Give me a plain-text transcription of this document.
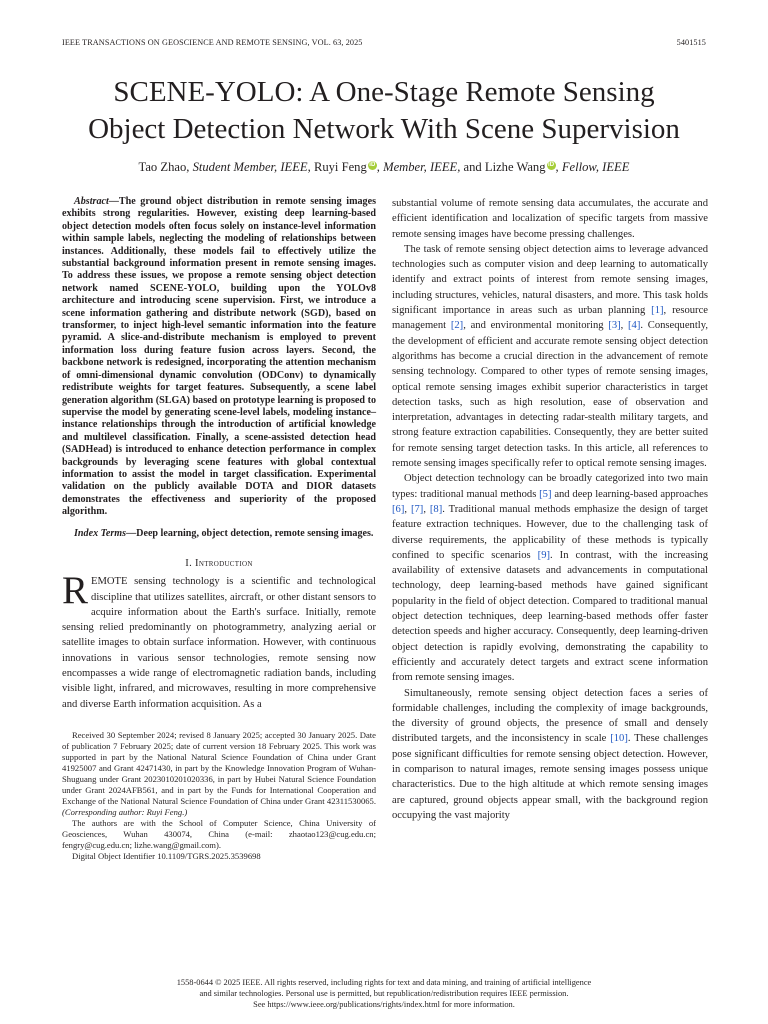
IEEE TRANSACTIONS ON GEOSCIENCE AND REMOTE SENSING, VOL. 63, 2025	5401515
SCENE-YOLO: A One-Stage Remote Sensing
Object Detection Network With Scene Supervision
Tao Zhao, Student Member, IEEE, Ruyi Feng iD , Member, IEEE, and Lizhe Wang iD , Fellow, IEEE

Abstract—The ground object distribution in remote sensing images exhibits strong regularities. However, existing deep learning-based object detection models often focus solely on instance-level information within sample labels, neglecting the modeling of relationships between instances. Additionally, these models fail to effectively utilize the substantial background information present in remote sensing images. To address these issues, we propose a remote sensing object detection network named SCENE-YOLO, building upon the YOLOv8 architecture and introducing scene supervision. First, we introduce a scene information gathering and distribute network (SGD), based on transformer, to inject high-level semantic information into the feature pyramid. A slice-and-distribute mechanism is employed to prevent information loss during feature fusion across layers. Second, the backbone network is redesigned, incorporating the attention mechanism of omni-dimensional dynamic convolution (ODConv) to dynamically redistribute weights for target features. Subsequently, a scene label generation algorithm (SLGA) based on prototype learning is proposed to supervise the model by generating scene-level labels, modeling instance–instance relationships through the introduction of artificial knowledge and multilevel classification. Finally, a scene-assisted detection head (SADHead) is introduced to enhance detection performance in complex backgrounds by leveraging scene features with global contextual information to assist the model in target classification. Experimental validation on the publicly available DOTA and DIOR datasets demonstrates the effectiveness and superiority of the proposed algorithm.

Index Terms—Deep learning, object detection, remote sensing images.

I. Introduction

REMOTE sensing technology is a scientific and technological discipline that utilizes satellites, aircraft, or other distant sensors to acquire information about the Earth's surface. Initially, remote sensing relied predominantly on photogrammetry, analyzing aerial or satellite images to obtain surface information. However, with continuous innovations in various sensor technologies, remote sensing now encompasses a wide range of electromagnetic radiation bands, including visible light, infrared, and microwaves, resulting in more comprehensive and diverse Earth information acquisition. As a

Received 30 September 2024; revised 8 January 2025; accepted 30 January 2025. Date of publication 7 February 2025; date of current version 18 February 2025. This work was supported in part by the National Natural Science Foundation of China under Grant 41925007 and Grant 42471430, in part by the Knowledge Innovation Program of Wuhan-Shuguang under Grant 2023010201020336, in part by Hubei Natural Science Foundation under Grant 2024AFB561, and in part by the Funds for International Cooperation and Exchange of the National Natural Science Foundation of China under Grant 42311530065. (Corresponding author: Ruyi Feng.)

The authors are with the School of Computer Science, China University of Geosciences, Wuhan 430074, China (e-mail: zhaotao123@cug.edu.cn; fengry@cug.edu.cn; lizhe.wang@gmail.com).

Digital Object Identifier 10.1109/TGRS.2025.3539698

substantial volume of remote sensing data accumulates, the accurate and efficient identification and localization of specific targets from massive remote sensing images have become pressing challenges.

The task of remote sensing object detection aims to leverage advanced technologies such as computer vision and deep learning to automatically identify and extract points of interest from remote sensing images, including structures, vehicles, natural disasters, and more. This task holds significant importance in areas such as urban planning [1], resource management [2], and environmental monitoring [3], [4]. Consequently, the development of efficient and accurate remote sensing object detection algorithms has become a crucial direction in the advancement of remote sensing technology. Compared to other types of remote sensing images, optical remote sensing images exhibit superior characteristics in target detection tasks, such as high resolution, ease of observation and interpretation, advantages in detecting radar-stealth military targets, and strong feature extraction capabilities. Consequently, they are better suited for remote sensing target detection tasks. In this article, all references to remote sensing images specifically refer to optical remote sensing images.

Object detection technology can be broadly categorized into two main types: traditional manual methods [5] and deep learning-based approaches [6], [7], [8]. Traditional manual methods emphasize the design of target feature extraction techniques. However, due to the challenging task of diverse requirements, the applicability of these methods is typically confined to specific scenarios [9]. In contrast, with the increasing availability of extensive datasets and advancements in computational technology, deep learning-based methods have gained significant popularity in the field of object detection. Compared to traditional manual object detection techniques, deep learning-based methods offer faster detection speeds and higher accuracy. Consequently, deep learning-driven object detection is rapidly evolving, demonstrating the capability to efficiently and accurately detect targets and extract scene information from remote sensing images.

Simultaneously, remote sensing object detection faces a series of formidable challenges, including the complexity of image backgrounds, the diversity of ground objects, the presence of small and densely distributed targets, and the inconsistency in scale [10]. These challenges pose significant difficulties for remote sensing object detection. However, in comparison to natural images, remote sensing images possess unique characteristics. Due to the high altitude at which remote sensing images are captured, ground objects appear small, with the background region occupying the vast majority

1558-0644 © 2025 IEEE. All rights reserved, including rights for text and data mining, and training of artificial intelligence
and similar technologies. Personal use is permitted, but republication/redistribution requires IEEE permission.
See https://www.ieee.org/publications/rights/index.html for more information.
